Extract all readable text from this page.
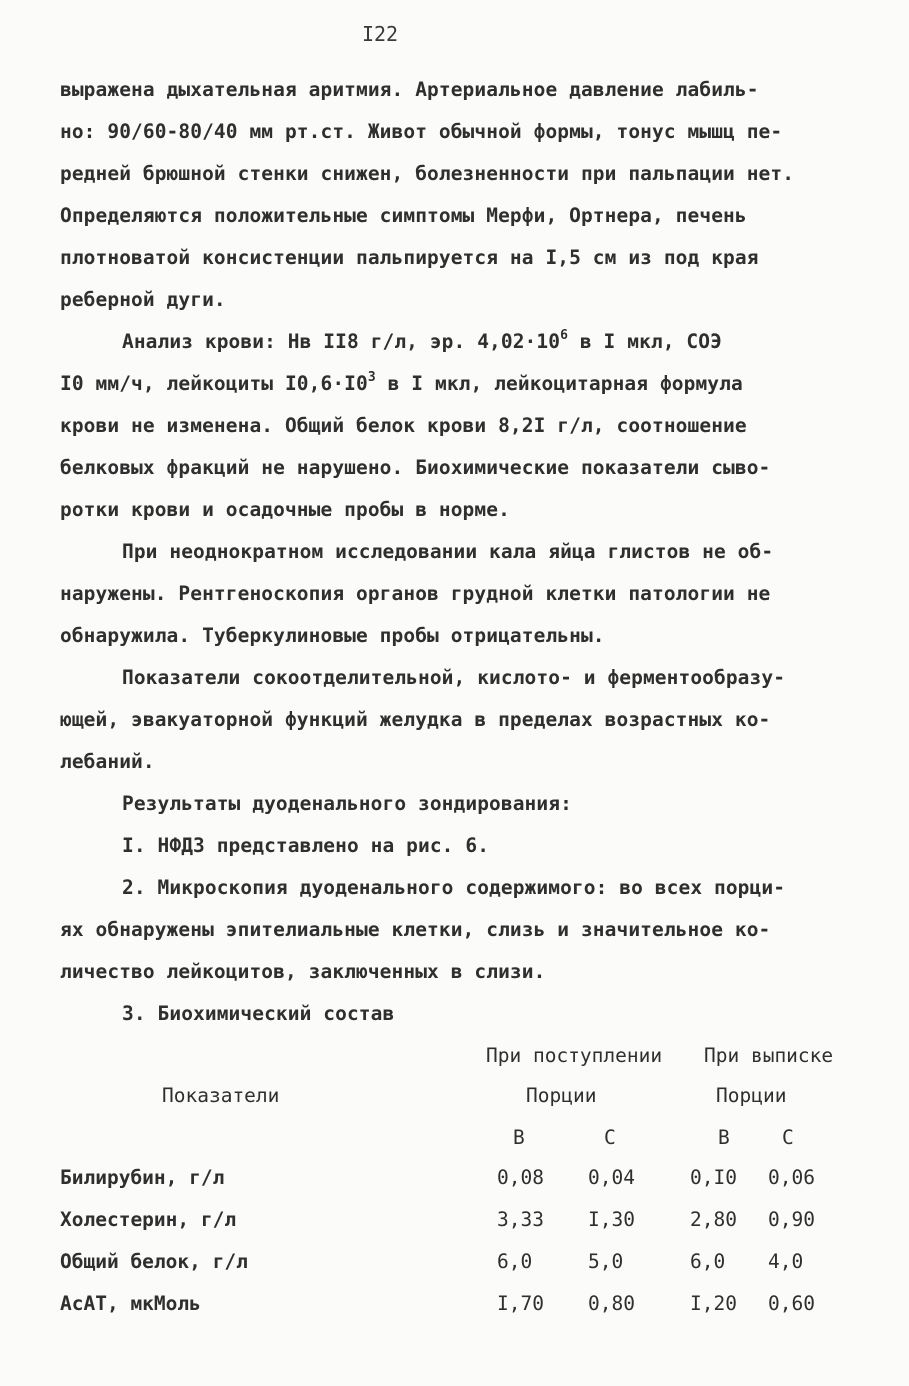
I22
выражена дыхательная аритмия. Артериальное давление лабиль-
но: 90/60-80/40 мм рт.ст. Живот обычной формы, тонус мышц пе-
редней брюшной стенки снижен, болезненности при пальпации нет.
Определяются положительные симптомы Мерфи, Ортнера, печень
плотноватой консистенции пальпируется на I,5 см из под края
реберной дуги.
Анализ крови: Нв II8 г/л, эр. $4,02\cdot 10^6$ в I мкл, СОЭ
I0 мм/ч, лейкоциты $I0,6\cdot I0^3$ в I мкл, лейкоцитарная формула
крови не изменена. Общий белок крови 8,2I г/л, соотношение
белковых фракций не нарушено. Биохимические показатели сыво-
ротки крови и осадочные пробы в норме.
При неоднократном исследовании кала яйца глистов не об-
наружены. Рентгеноскопия органов грудной клетки патологии не
обнаружила. Туберкулиновые пробы отрицательны.
Показатели сокоотделительной, кислото- и ферментообразу-
ющей, эвакуаторной функций желудка в пределах возрастных ко-
лебаний.
Результаты дуоденального зондирования:
I. НФДЗ представлено на рис. 6.
2. Микроскопия дуоденального содержимого: во всех порци-
ях обнаружены эпителиальные клетки, слизь и значительное ко-
личество лейкоцитов, заключенных в слизи.
3. Биохимический состав
При поступлении При выписке
Показатели	Порции	Порции
В	С	В	С
Билирубин, г/л	0,08 0,04	0,I0 0,06
Холестерин, г/л	3,33 I,30	2,80 0,90
Общий белок, г/л	6,0	5,0	6,0 4,0
АсАТ, мкМоль	I,70 0,80	I,20 0,60
